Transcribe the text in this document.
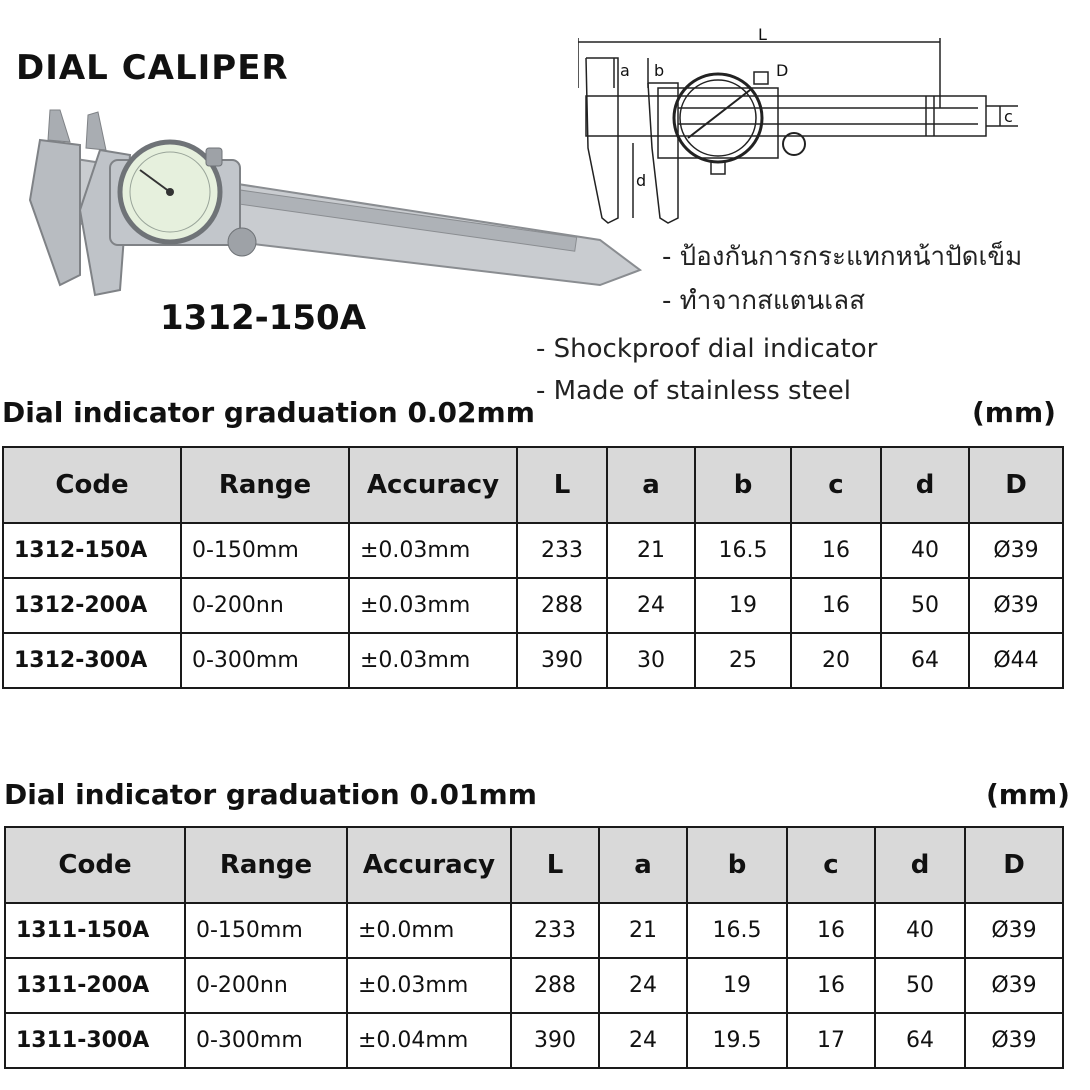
DIAL CALIPER
1312-150A
L
a b
c
d
D
- ป้องกันการกระแทกหน้าปัดเข็ม
- ทำจากสแตนเลส
- Shockproof dial indicator
- Made of stainless steel
Dial indicator graduation 0.02mm	(mm)
Code	Range	Accuracy	L	a	b	c	d	D
1312-150A	0-150mm	±0.03mm	233	21	16.5	16	40	Ø39
1312-200A	0-200nn	±0.03mm	288	24	19	16	50	Ø39
1312-300A	0-300mm	±0.03mm	390	30	25	20	64	Ø44
Dial indicator graduation 0.01mm	(mm)
Code	Range	Accuracy	L	a	b	c	d	D
1311-150A	0-150mm	±0.0mm	233	21	16.5	16	40	Ø39
1311-200A	0-200nn	±0.03mm	288	24	19	16	50	Ø39
1311-300A	0-300mm	±0.04mm	390	24	19.5	17	64	Ø39
